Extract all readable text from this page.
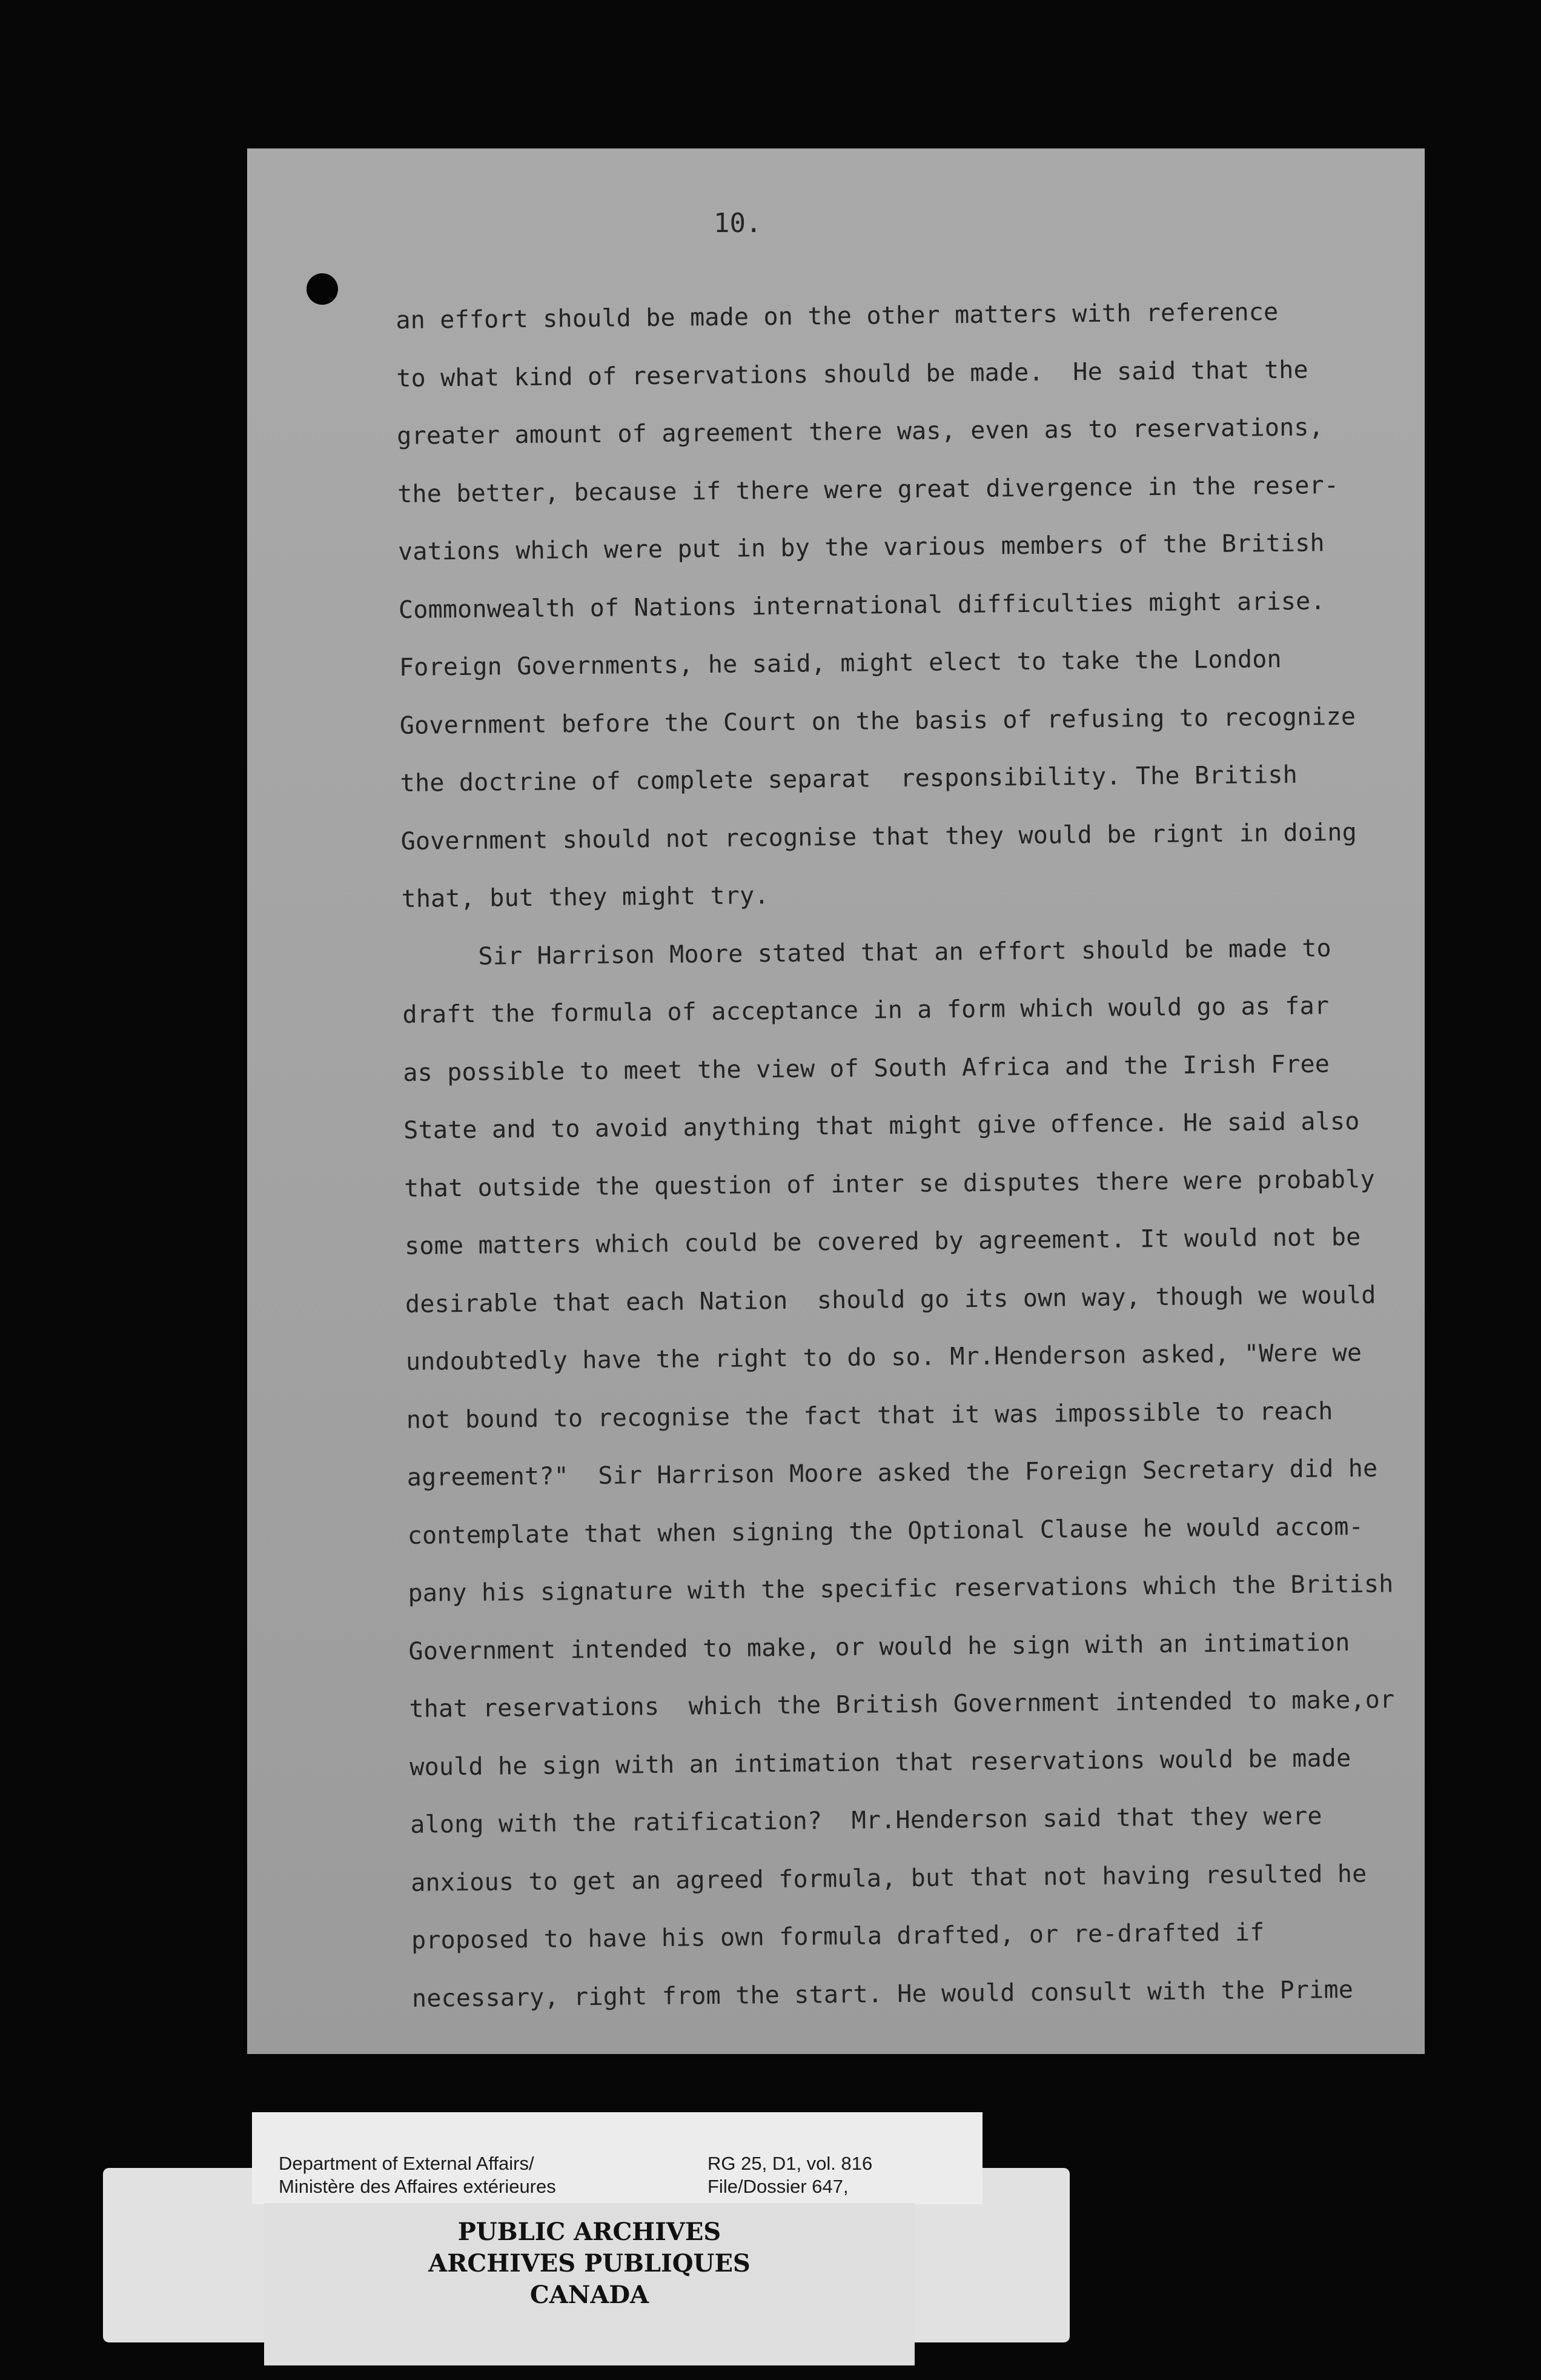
10.
an effort should be made on the other matters with reference
to what kind of reservations should be made.  He said that the
greater amount of agreement there was, even as to reservations,
the better, because if there were great divergence in the reser-
vations which were put in by the various members of the British
Commonwealth of Nations international difficulties might arise.
Foreign Governments, he said, might elect to take the London
Government before the Court on the basis of refusing to recognize
the doctrine of complete separat  responsibility. The British
Government should not recognise that they would be rignt in doing
that, but they might try.
Sir Harrison Moore stated that an effort should be made to
draft the formula of acceptance in a form which would go as far
as possible to meet the view of South Africa and the Irish Free
State and to avoid anything that might give offence. He said also
that outside the question of inter se disputes there were probably
some matters which could be covered by agreement. It would not be
desirable that each Nation  should go its own way, though we would
undoubtedly have the right to do so. Mr.Henderson asked, "Were we
not bound to recognise the fact that it was impossible to reach
agreement?"  Sir Harrison Moore asked the Foreign Secretary did he
contemplate that when signing the Optional Clause he would accom-
pany his signature with the specific reservations which the British
Government intended to make, or would he sign with an intimation
that reservations  which the British Government intended to make,or
would he sign with an intimation that reservations would be made
along with the ratification?  Mr.Henderson said that they were
anxious to get an agreed formula, but that not having resulted he
proposed to have his own formula drafted, or re-drafted if
necessary, right from the start. He would consult with the Prime
Department of External Affairs/
Ministère des Affaires extérieures
RG 25, D1, vol. 816
File/Dossier 647,
PUBLIC ARCHIVES
ARCHIVES PUBLIQUES
CANADA
